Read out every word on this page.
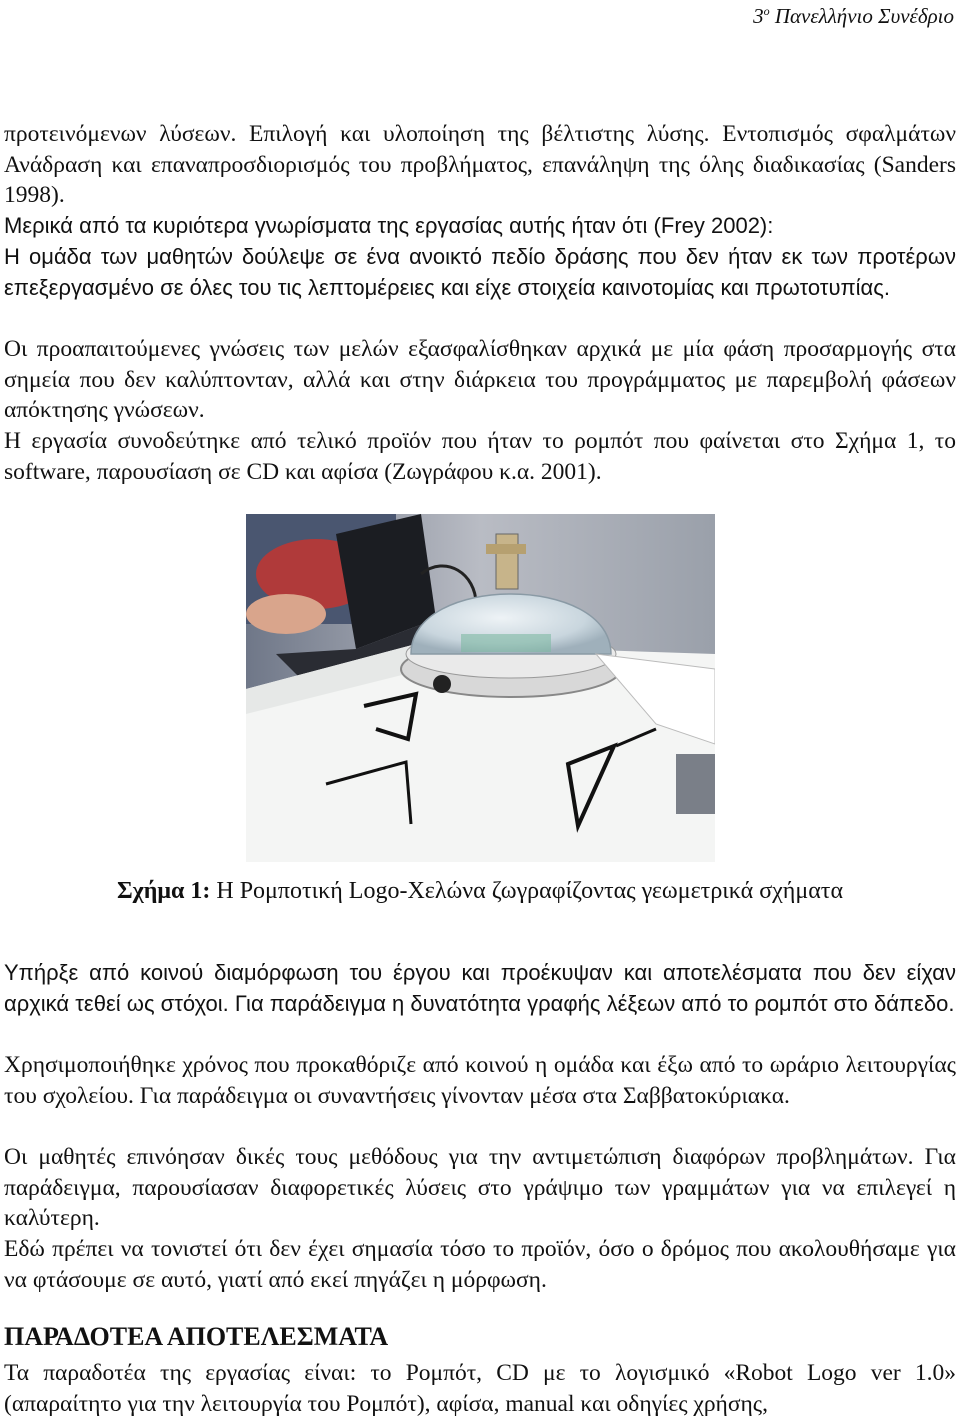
$3^o$ Πανελλήνιο Συνέδριο

προτεινόμενων λύσεων. Επιλογή και υλοποίηση της βέλτιστης λύσης. Εντοπισμός σφαλμάτων Ανάδραση και επαναπροσδιορισμός του προβλήματος, επανάληψη της όλης διαδικασίας (Sanders 1998).

Μερικά από τα κυριότερα γνωρίσματα της εργασίας αυτής ήταν ότι (Frey 2002):

Η ομάδα των μαθητών δούλεψε σε ένα ανοικτό πεδίο δράσης που δεν ήταν εκ των προτέρων επεξεργασμένο σε όλες του τις λεπτομέρειες και είχε στοιχεία καινοτομίας και πρωτοτυπίας.

Οι προαπαιτούμενες γνώσεις των μελών εξασφαλίσθηκαν αρχικά με μία φάση προσαρμογής στα σημεία που δεν καλύπτονταν, αλλά και στην διάρκεια του προγράμματος με παρεμβολή φάσεων απόκτησης γνώσεων.

Η εργασία συνοδεύτηκε από τελικό προϊόν που ήταν το ρομπότ που φαίνεται στο Σχήμα 1, το software, παρουσίαση σε CD και αφίσα (Ζωγράφου κ.α. 2001).

Σχήμα 1: Η Ρομποτική Logo-Χελώνα ζωγραφίζοντας γεωμετρικά σχήματα

Υπήρξε από κοινού διαμόρφωση του έργου και προέκυψαν και αποτελέσματα που δεν είχαν αρχικά τεθεί ως στόχοι. Για παράδειγμα η δυνατότητα γραφής λέξεων από το ρομπότ στο δάπεδο.

Χρησιμοποιήθηκε χρόνος που προκαθόριζε από κοινού η ομάδα και έξω από το ωράριο λειτουργίας του σχολείου. Για παράδειγμα οι συναντήσεις γίνονταν μέσα στα Σαββατοκύριακα.

Οι μαθητές επινόησαν δικές τους μεθόδους για την αντιμετώπιση διαφόρων προβλημάτων. Για παράδειγμα, παρουσίασαν διαφορετικές λύσεις στο γράψιμο των γραμμάτων για να επιλεγεί η καλύτερη.

Εδώ πρέπει να τονιστεί ότι δεν έχει σημασία τόσο το προϊόν, όσο ο δρόμος που ακολουθήσαμε για να φτάσουμε σε αυτό, γιατί από εκεί πηγάζει η μόρφωση.

ΠΑΡΑΔΟΤΕΑ ΑΠΟΤΕΛΕΣΜΑΤΑ

Τα παραδοτέα της εργασίας είναι: το Ρομπότ, CD με το λογισμικό «Robot Logo ver 1.0» (απαραίτητο για την λειτουργία του Ρομπότ), αφίσα, manual και οδηγίες χρήσης,
